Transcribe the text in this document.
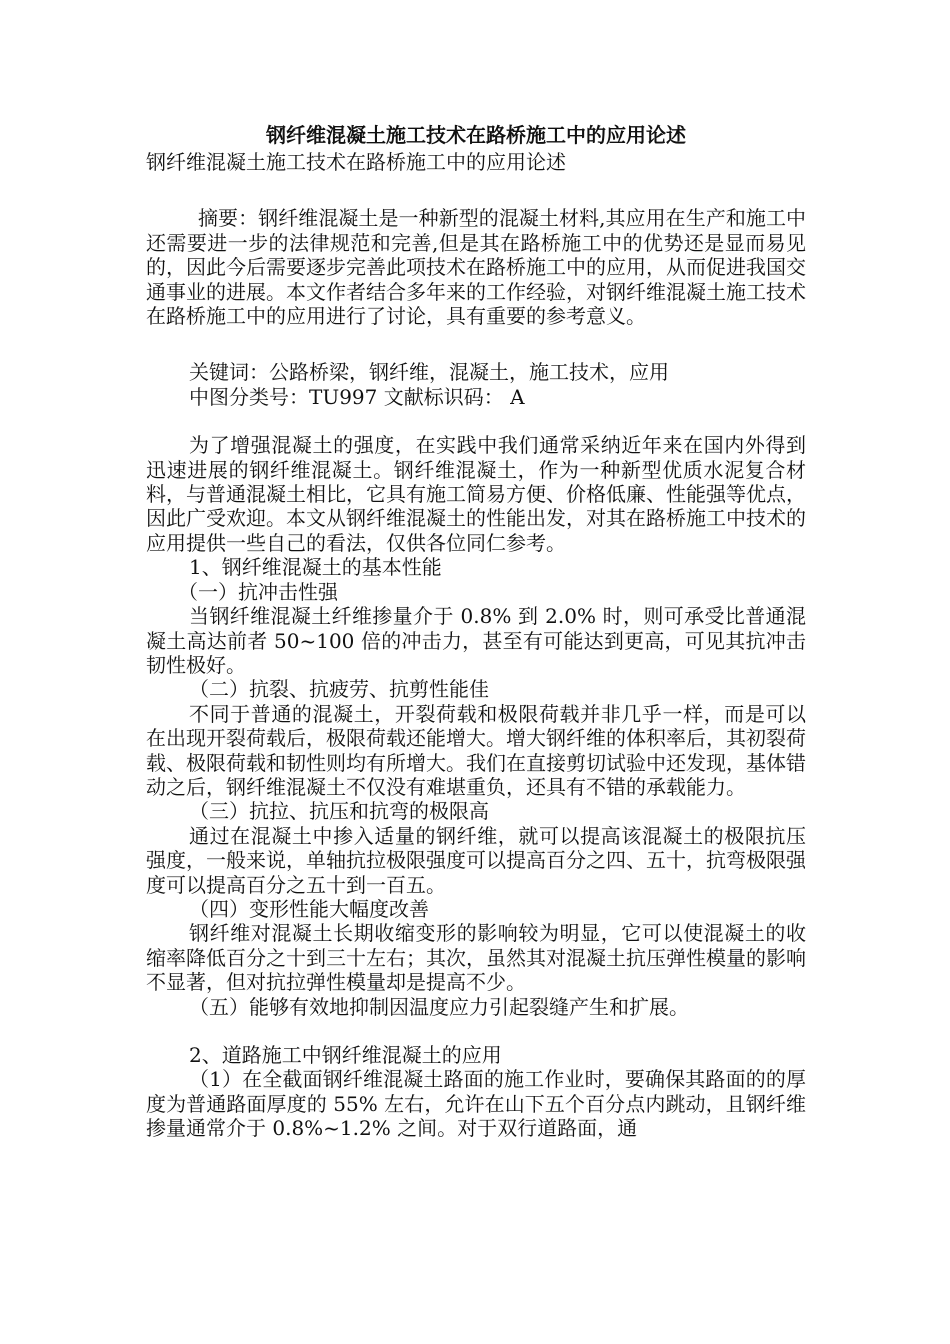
钢纤维混凝土施工技术在路桥施工中的应用论述

钢纤维混凝土施工技术在路桥施工中的应用论述

摘要：钢纤维混凝土是一种新型的混凝土材料,其应用在生产和施工中还需要进一步的法律规范和完善,但是其在路桥施工中的优势还是显而易见的，因此今后需要逐步完善此项技术在路桥施工中的应用，从而促进我国交通事业的进展。本文作者结合多年来的工作经验，对钢纤维混凝土施工技术在路桥施工中的应用进行了讨论，具有重要的参考意义。

关键词：公路桥梁，钢纤维，混凝土，施工技术，应用

中图分类号：TU997 文献标识码： A

为了增强混凝土的强度，在实践中我们通常采纳近年来在国内外得到迅速进展的钢纤维混凝土。钢纤维混凝土，作为一种新型优质水泥复合材料，与普通混凝土相比，它具有施工简易方便、价格低廉、性能强等优点，因此广受欢迎。本文从钢纤维混凝土的性能出发，对其在路桥施工中技术的应用提供一些自己的看法，仅供各位同仁参考。

1、钢纤维混凝土的基本性能

（一）抗冲击性强

当钢纤维混凝土纤维掺量介于 0.8% 到 2.0% 时，则可承受比普通混凝土高达前者 50~100 倍的冲击力，甚至有可能达到更高，可见其抗冲击韧性极好。

（二）抗裂、抗疲劳、抗剪性能佳

不同于普通的混凝土，开裂荷载和极限荷载并非几乎一样，而是可以在出现开裂荷载后，极限荷载还能增大。增大钢纤维的体积率后，其初裂荷载、极限荷载和韧性则均有所增大。我们在直接剪切试验中还发现，基体错动之后，钢纤维混凝土不仅没有难堪重负，还具有不错的承载能力。

（三）抗拉、抗压和抗弯的极限高

通过在混凝土中掺入适量的钢纤维，就可以提高该混凝土的极限抗压强度，一般来说，单轴抗拉极限强度可以提高百分之四、五十，抗弯极限强度可以提高百分之五十到一百五。

（四）变形性能大幅度改善

钢纤维对混凝土长期收缩变形的影响较为明显，它可以使混凝土的收缩率降低百分之十到三十左右；其次，虽然其对混凝土抗压弹性模量的影响不显著，但对抗拉弹性模量却是提高不少。

（五）能够有效地抑制因温度应力引起裂缝产生和扩展。

2、道路施工中钢纤维混凝土的应用

（1）在全截面钢纤维混凝土路面的施工作业时，要确保其路面的的厚度为普通路面厚度的 55% 左右，允许在山下五个百分点内跳动，且钢纤维掺量通常介于 0.8%~1.2% 之间。对于双行道路面，通
